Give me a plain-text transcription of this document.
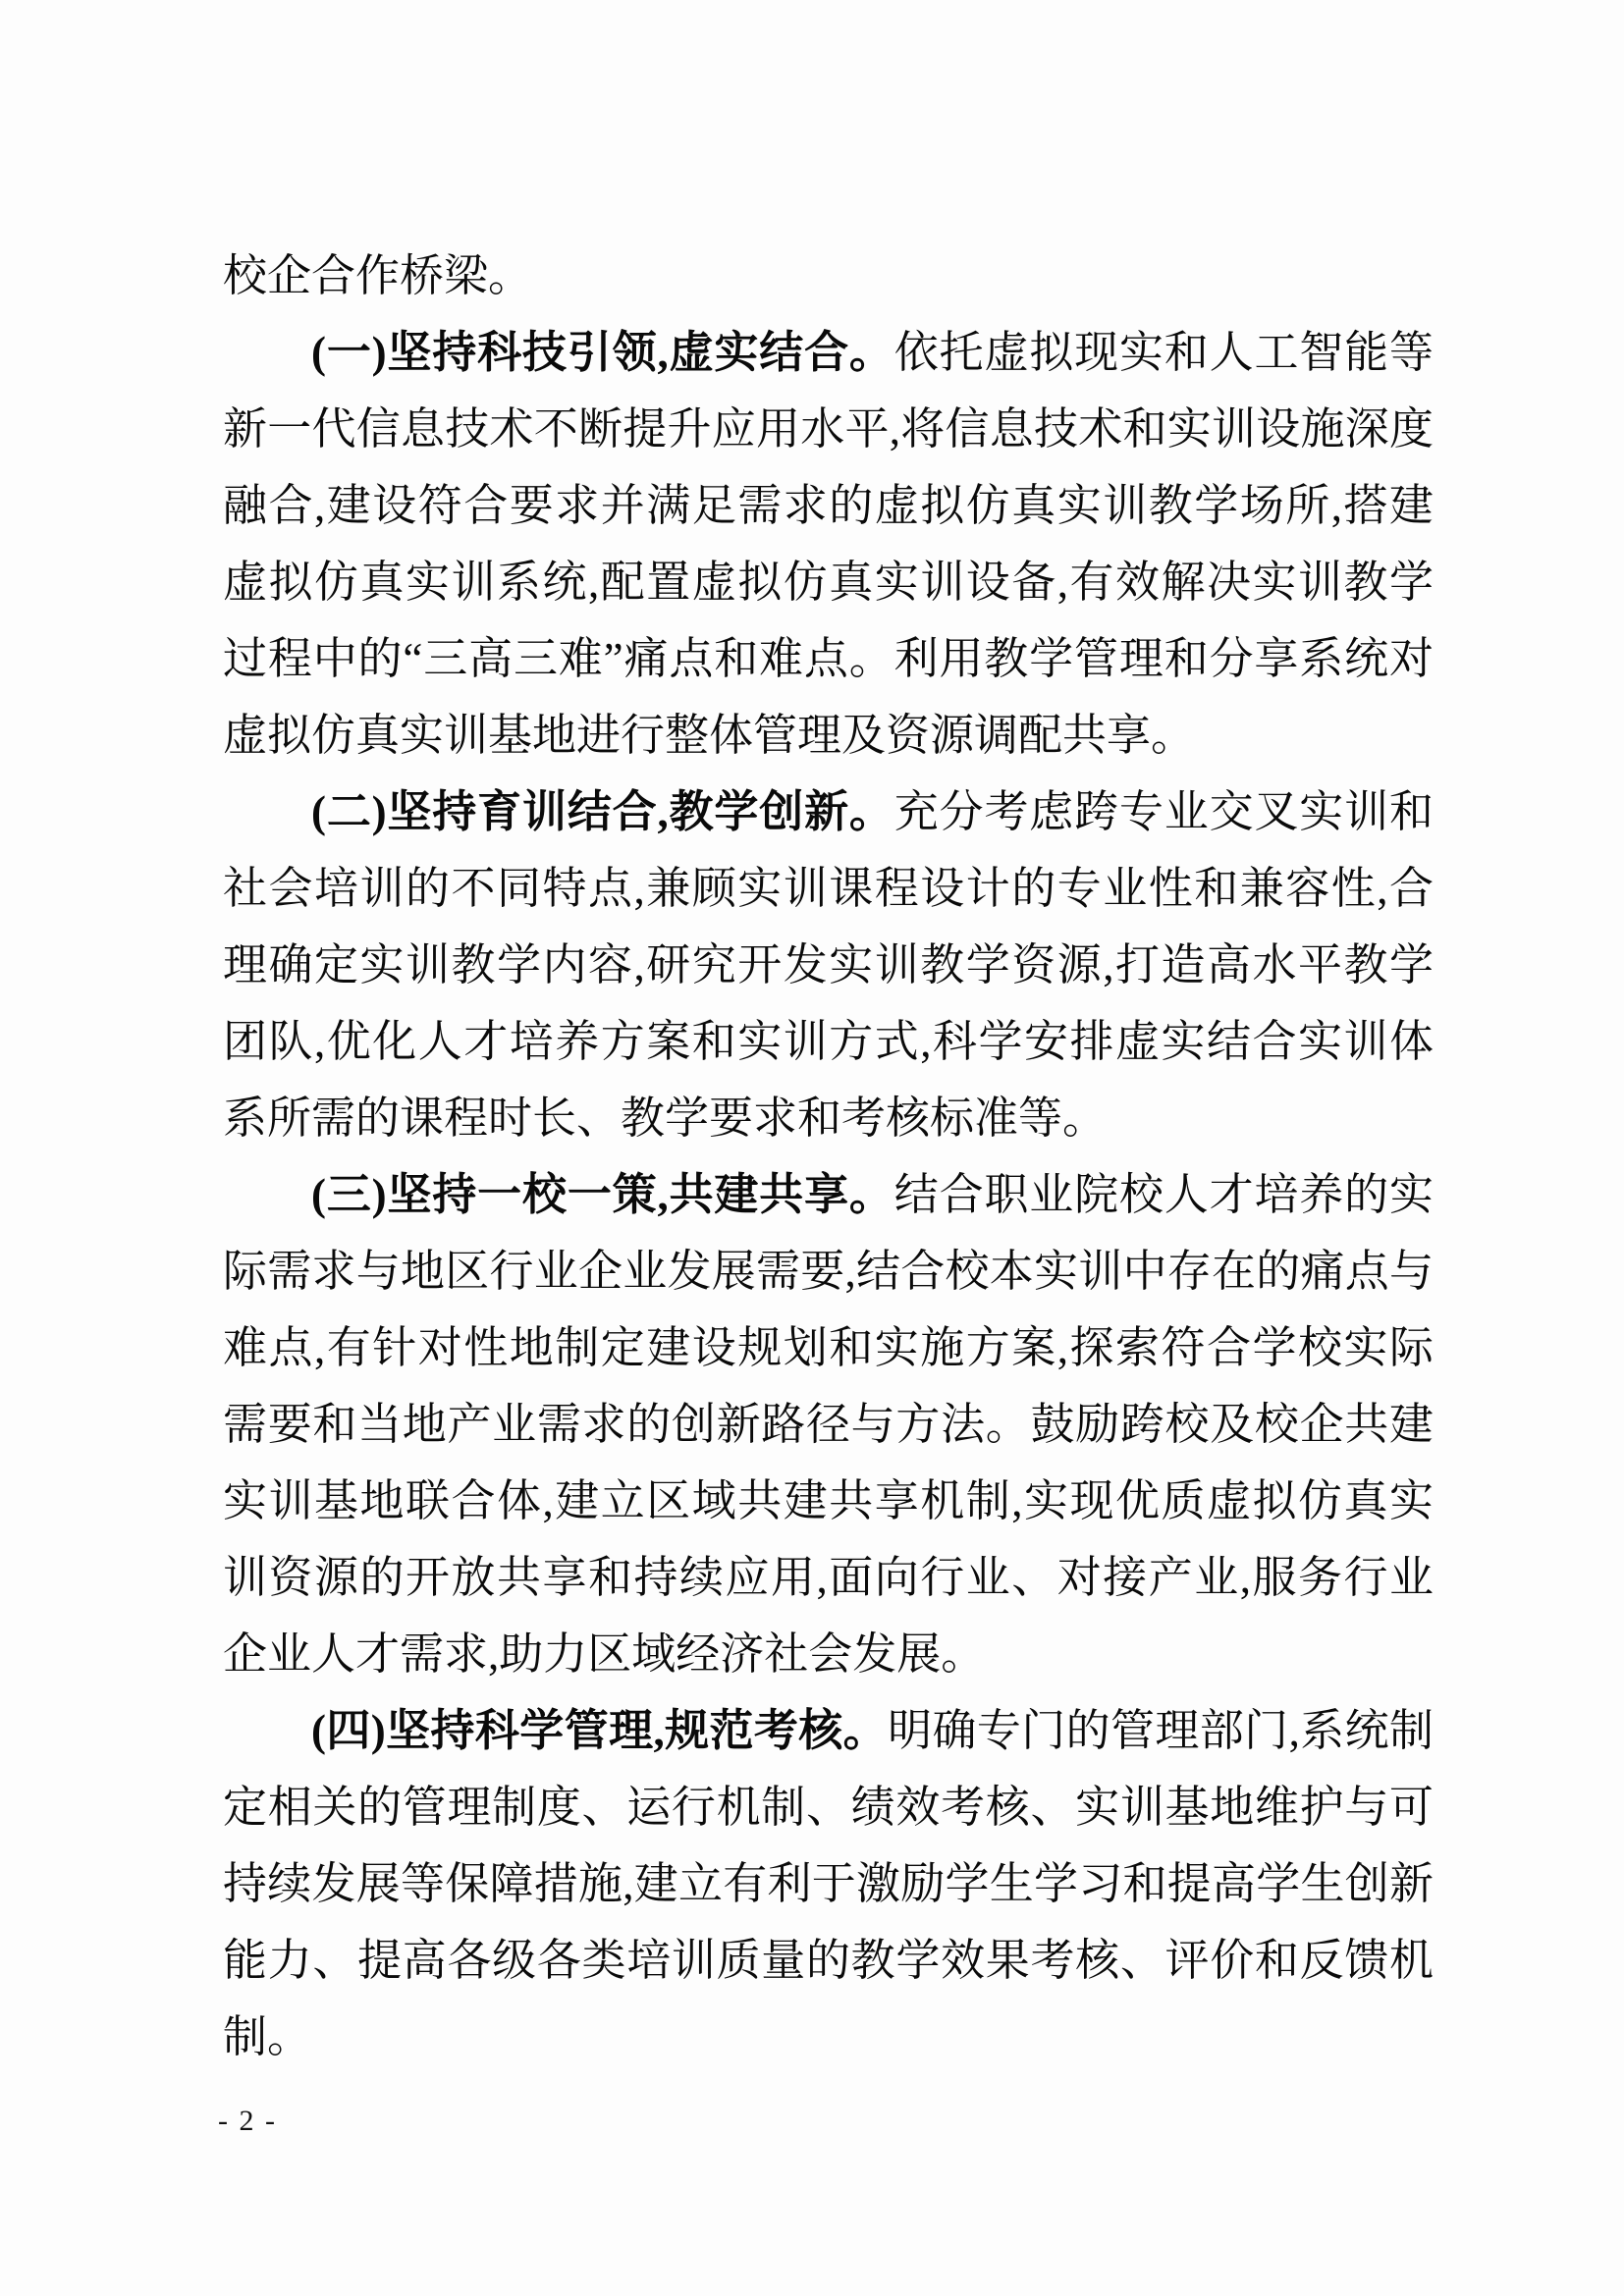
校企合作桥梁。

(一)坚持科技引领,虚实结合。依托虚拟现实和人工智能等新一代信息技术不断提升应用水平,将信息技术和实训设施深度融合,建设符合要求并满足需求的虚拟仿真实训教学场所,搭建虚拟仿真实训系统,配置虚拟仿真实训设备,有效解决实训教学过程中的“三高三难”痛点和难点。利用教学管理和分享系统对虚拟仿真实训基地进行整体管理及资源调配共享。

(二)坚持育训结合,教学创新。充分考虑跨专业交叉实训和社会培训的不同特点,兼顾实训课程设计的专业性和兼容性,合理确定实训教学内容,研究开发实训教学资源,打造高水平教学团队,优化人才培养方案和实训方式,科学安排虚实结合实训体系所需的课程时长、教学要求和考核标准等。

(三)坚持一校一策,共建共享。结合职业院校人才培养的实际需求与地区行业企业发展需要,结合校本实训中存在的痛点与难点,有针对性地制定建设规划和实施方案,探索符合学校实际需要和当地产业需求的创新路径与方法。鼓励跨校及校企共建实训基地联合体,建立区域共建共享机制,实现优质虚拟仿真实训资源的开放共享和持续应用,面向行业、对接产业,服务行业企业人才需求,助力区域经济社会发展。

(四)坚持科学管理,规范考核。明确专门的管理部门,系统制定相关的管理制度、运行机制、绩效考核、实训基地维护与可持续发展等保障措施,建立有利于激励学生学习和提高学生创新能力、提高各级各类培训质量的教学效果考核、评价和反馈机制。

- 2 -
